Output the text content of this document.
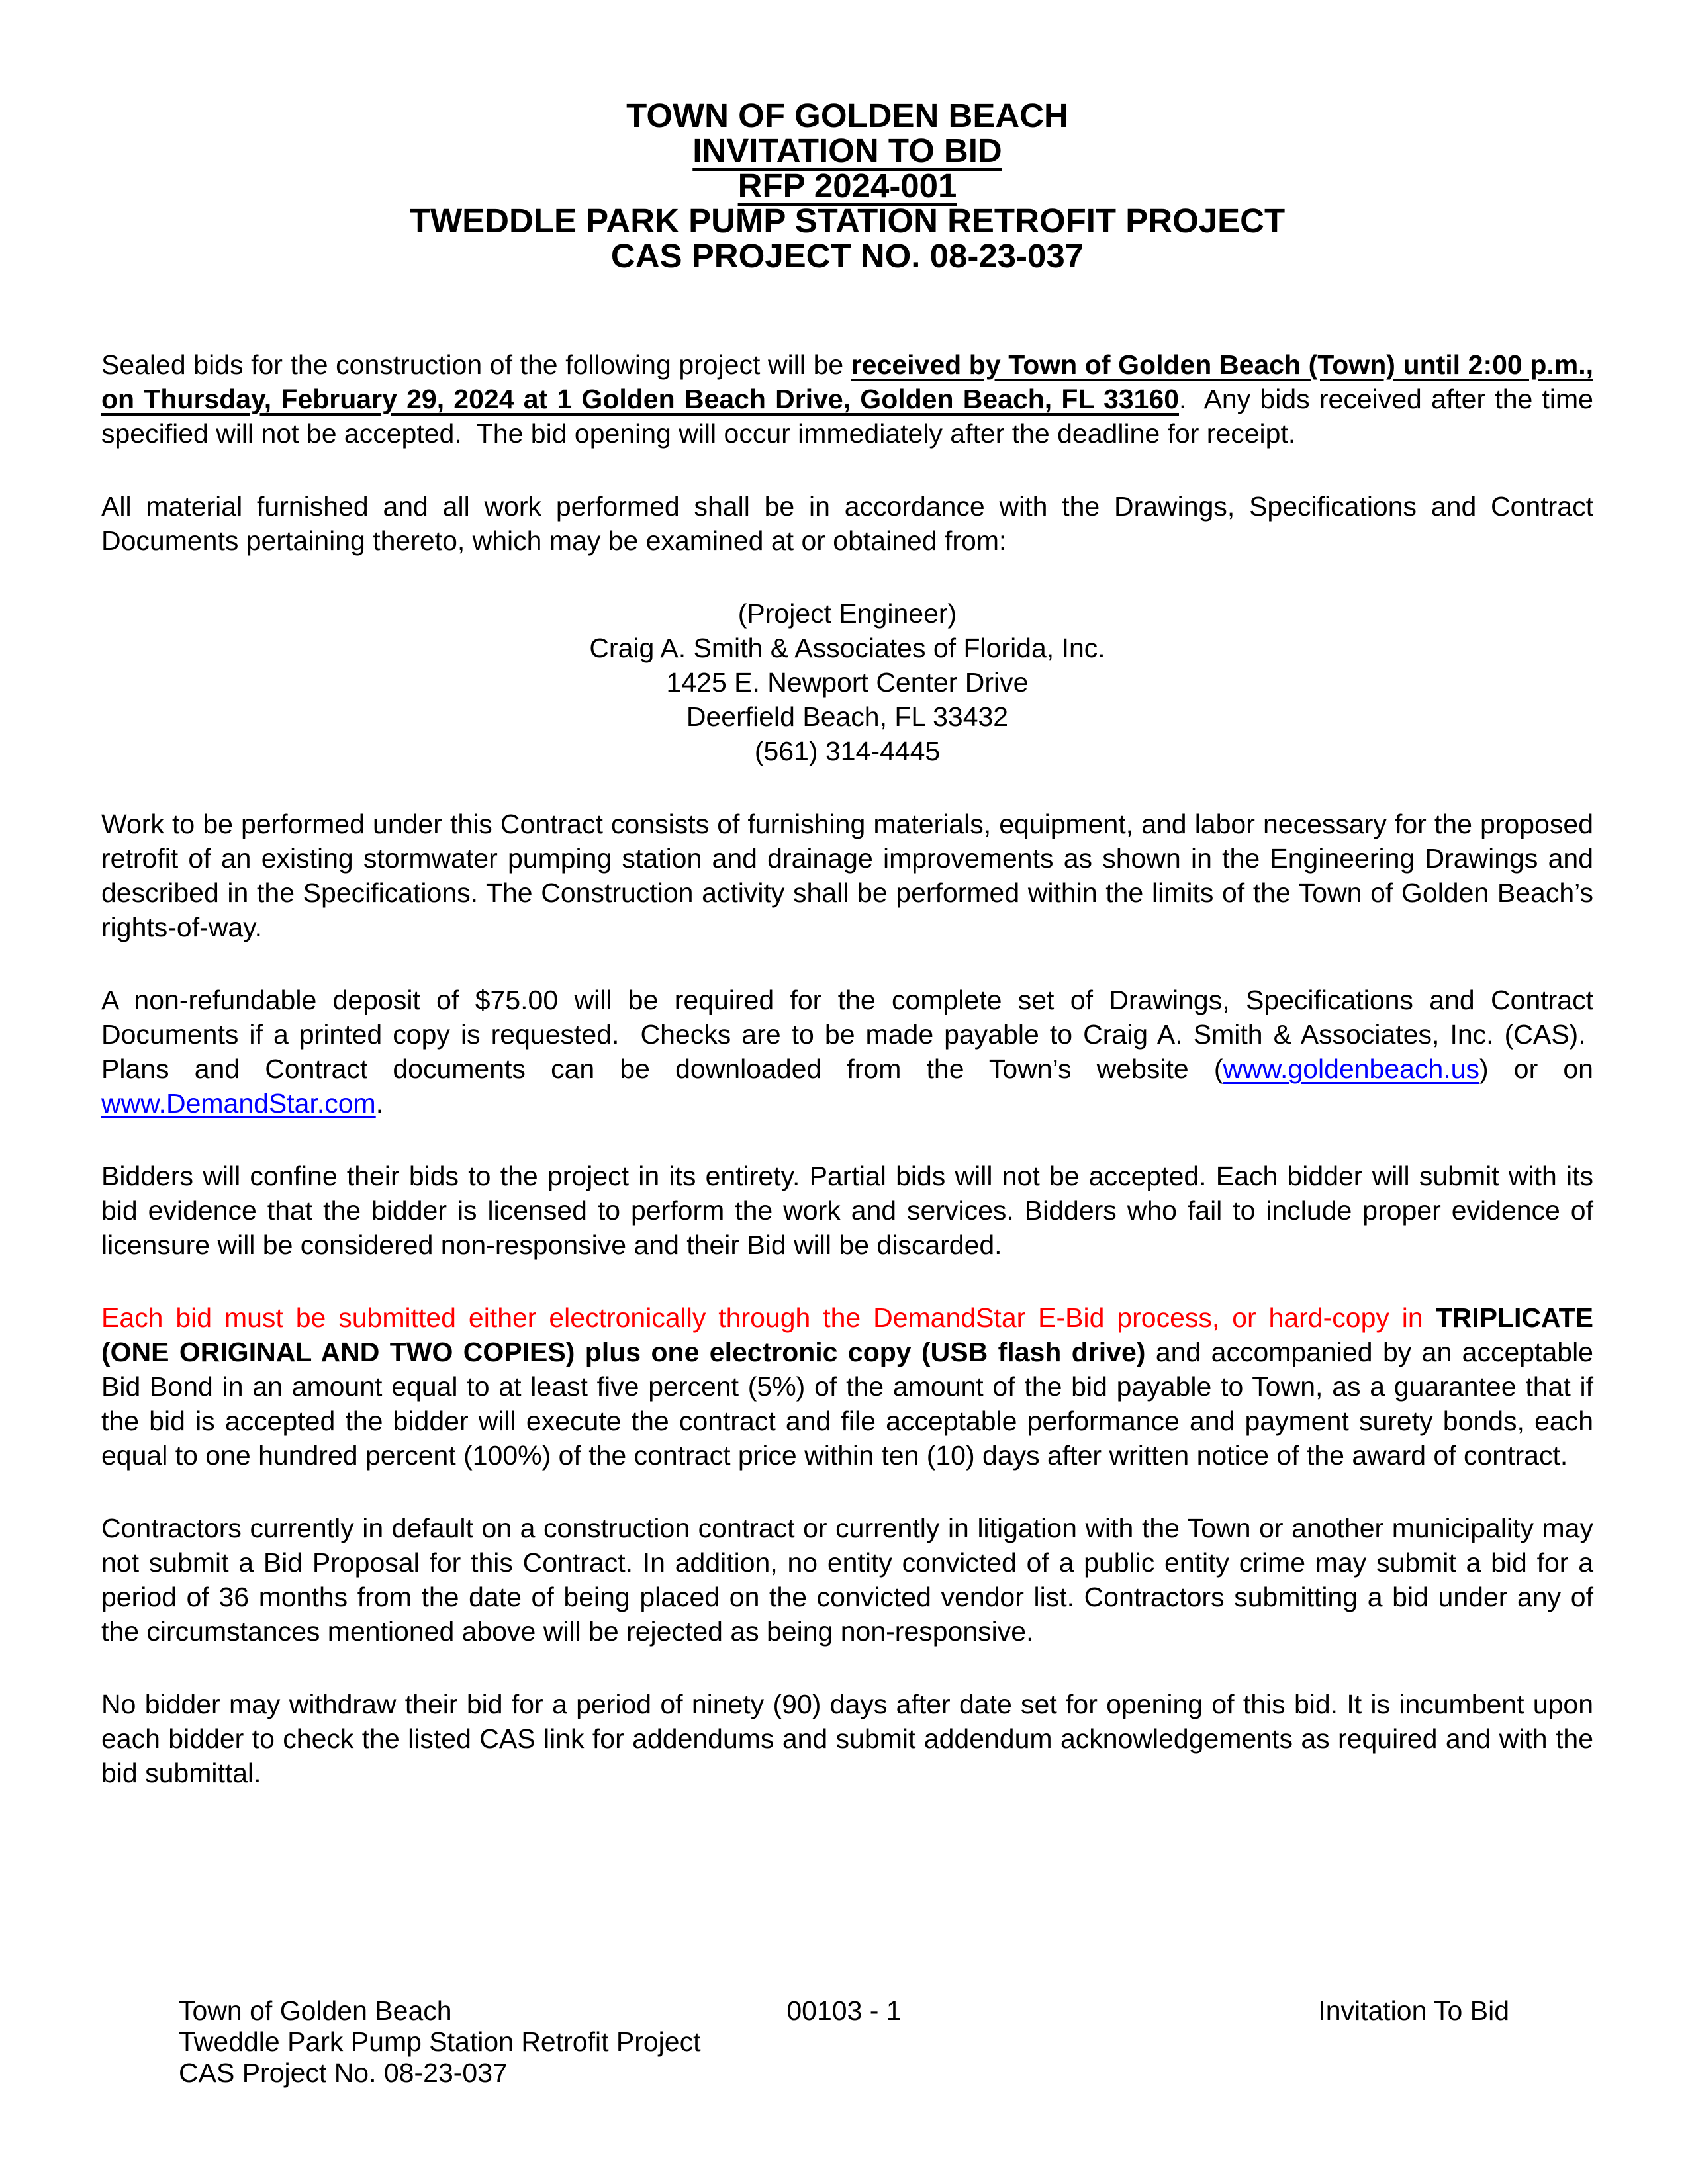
TOWN OF GOLDEN BEACH
INVITATION TO BID
RFP 2024-001
TWEDDLE PARK PUMP STATION RETROFIT PROJECT
CAS PROJECT NO. 08-23-037

Sealed bids for the construction of the following project will be received by Town of Golden Beach (Town) until 2:00 p.m., on Thursday, February 29, 2024 at 1 Golden Beach Drive, Golden Beach, FL 33160.  Any bids received after the time specified will not be accepted.  The bid opening will occur immediately after the deadline for receipt.

All material furnished and all work performed shall be in accordance with the Drawings, Specifications and Contract Documents pertaining thereto, which may be examined at or obtained from:

(Project Engineer)
Craig A. Smith & Associates of Florida, Inc.
1425 E. Newport Center Drive
Deerfield Beach, FL 33432
(561) 314-4445

Work to be performed under this Contract consists of furnishing materials, equipment, and labor necessary for the proposed retrofit of an existing stormwater pumping station and drainage improvements as shown in the Engineering Drawings and described in the Specifications. The Construction activity shall be performed within the limits of the Town of Golden Beach’s rights-of-way.

A non-refundable deposit of $75.00 will be required for the complete set of Drawings, Specifications and Contract Documents if a printed copy is requested.  Checks are to be made payable to Craig A. Smith & Associates, Inc. (CAS).  Plans and Contract documents can be downloaded from the Town’s website (www.goldenbeach.us) or on www.DemandStar.com.

Bidders will confine their bids to the project in its entirety. Partial bids will not be accepted. Each bidder will submit with its bid evidence that the bidder is licensed to perform the work and services. Bidders who fail to include proper evidence of licensure will be considered non-responsive and their Bid will be discarded.

Each bid must be submitted either electronically through the DemandStar E-Bid process, or hard-copy in TRIPLICATE (ONE ORIGINAL AND TWO COPIES) plus one electronic copy (USB flash drive) and accompanied by an acceptable Bid Bond in an amount equal to at least five percent (5%) of the amount of the bid payable to Town, as a guarantee that if the bid is accepted the bidder will execute the contract and file acceptable performance and payment surety bonds, each equal to one hundred percent (100%) of the contract price within ten (10) days after written notice of the award of contract.

Contractors currently in default on a construction contract or currently in litigation with the Town or another municipality may not submit a Bid Proposal for this Contract. In addition, no entity convicted of a public entity crime may submit a bid for a period of 36 months from the date of being placed on the convicted vendor list. Contractors submitting a bid under any of the circumstances mentioned above will be rejected as being non-responsive.

No bidder may withdraw their bid for a period of ninety (90) days after date set for opening of this bid. It is incumbent upon each bidder to check the listed CAS link for addendums and submit addendum acknowledgements as required and with the bid submittal.

Town of Golden Beach
Tweddle Park Pump Station Retrofit Project
CAS Project No. 08-23-037
00103 - 1	Invitation To Bid
